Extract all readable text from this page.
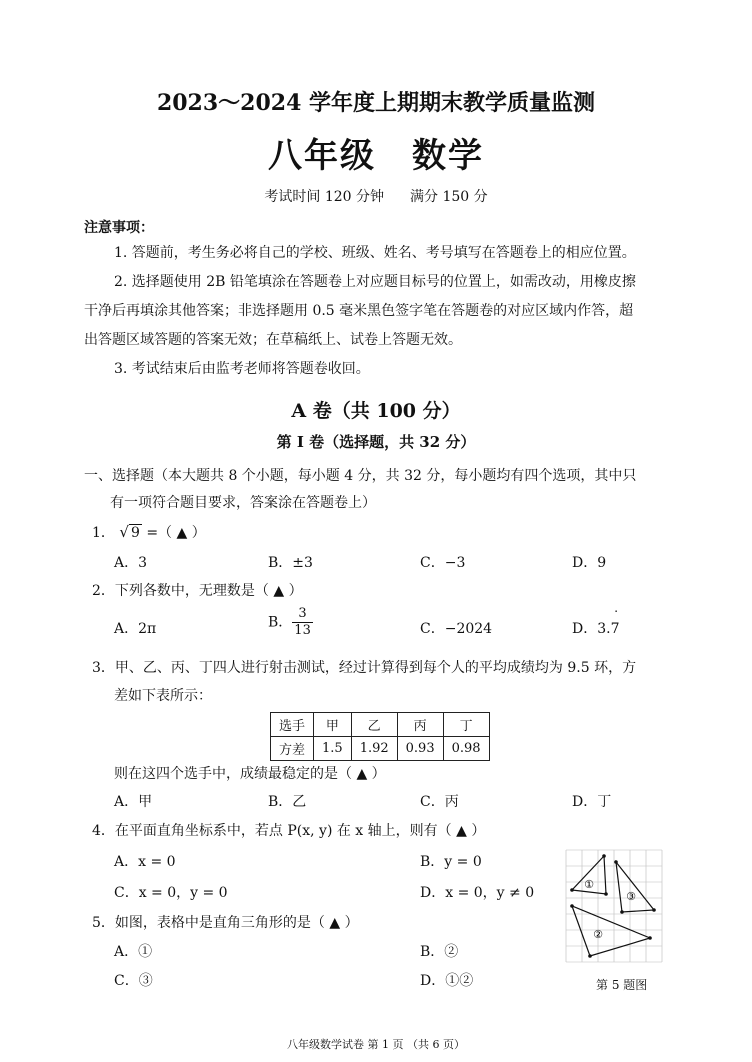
2023～2024 学年度上期期末教学质量监测
八年级　数学
考试时间 120 分钟 满分 150 分
注意事项：
1. 答题前，考生务必将自己的学校、班级、姓名、考号填写在答题卷上的相应位置。
2. 选择题使用 2B 铅笔填涂在答题卷上对应题目标号的位置上，如需改动，用橡皮擦
干净后再填涂其他答案；非选择题用 0.5 毫米黑色签字笔在答题卷的对应区域内作答，超
出答题区域答题的答案无效；在草稿纸上、试卷上答题无效。
3. 考试结束后由监考老师将答题卷收回。
A 卷（共 100 分）
第 I 卷（选择题，共 32 分）
一、选择题（本大题共 8 个小题，每小题 4 分，共 32 分，每小题均有四个选项，其中只
有一项符合题目要求，答案涂在答题卷上）
1． √ 9 =（ ▲ ）
A．3	B．±3	C．−3	D．9
2．下列各数中，无理数是（ ▲ ）
A．2π	B． $\frac{3}{13}$	C．−2024	D．3.
˙
7
3．甲、乙、丙、丁四人进行射击测试，经过计算得到每个人的平均成绩均为 9.5 环，方
差如下表所示：
选手	甲	乙	丙	丁
方差	1.5	1.92	0.93	0.98
则在这四个选手中，成绩最稳定的是（ ▲ ）
A．甲	B．乙	C．丙	D．丁
4．在平面直角坐标系中，若点 P(x, y) 在 x 轴上，则有（ ▲ ）
A．x = 0	B．y = 0
C．x = 0，y = 0	D．x = 0，y ≠ 0
5．如图，表格中是直角三角形的是（ ▲ ）
A．①	B．②
C．③	D．①②
①
②
③
第 5 题图
八年级数学试卷 第 1 页 （共 6 页）
